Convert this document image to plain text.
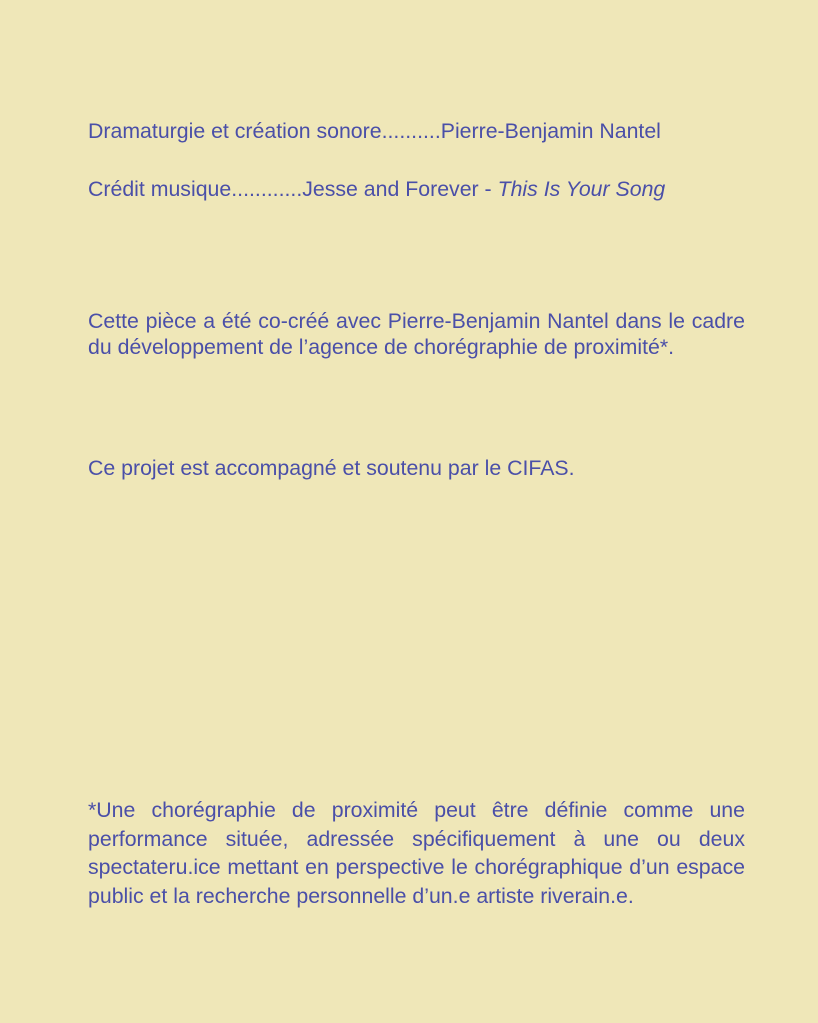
Dramaturgie et création sonore..........Pierre-Benjamin Nantel
Crédit musique............Jesse and Forever - This Is Your Song

Cette pièce a été co-créé avec Pierre-Benjamin Nantel dans le cadre du développement de l’agence de chorégraphie de proximité*.

Ce projet est accompagné et soutenu par le CIFAS.

*Une chorégraphie de proximité peut être définie comme une performance située, adressée spécifiquement à une ou deux spectateru.ice mettant en perspective le chorégraphique d’un espace public et la recherche personnelle d’un.e artiste riverain.e.
